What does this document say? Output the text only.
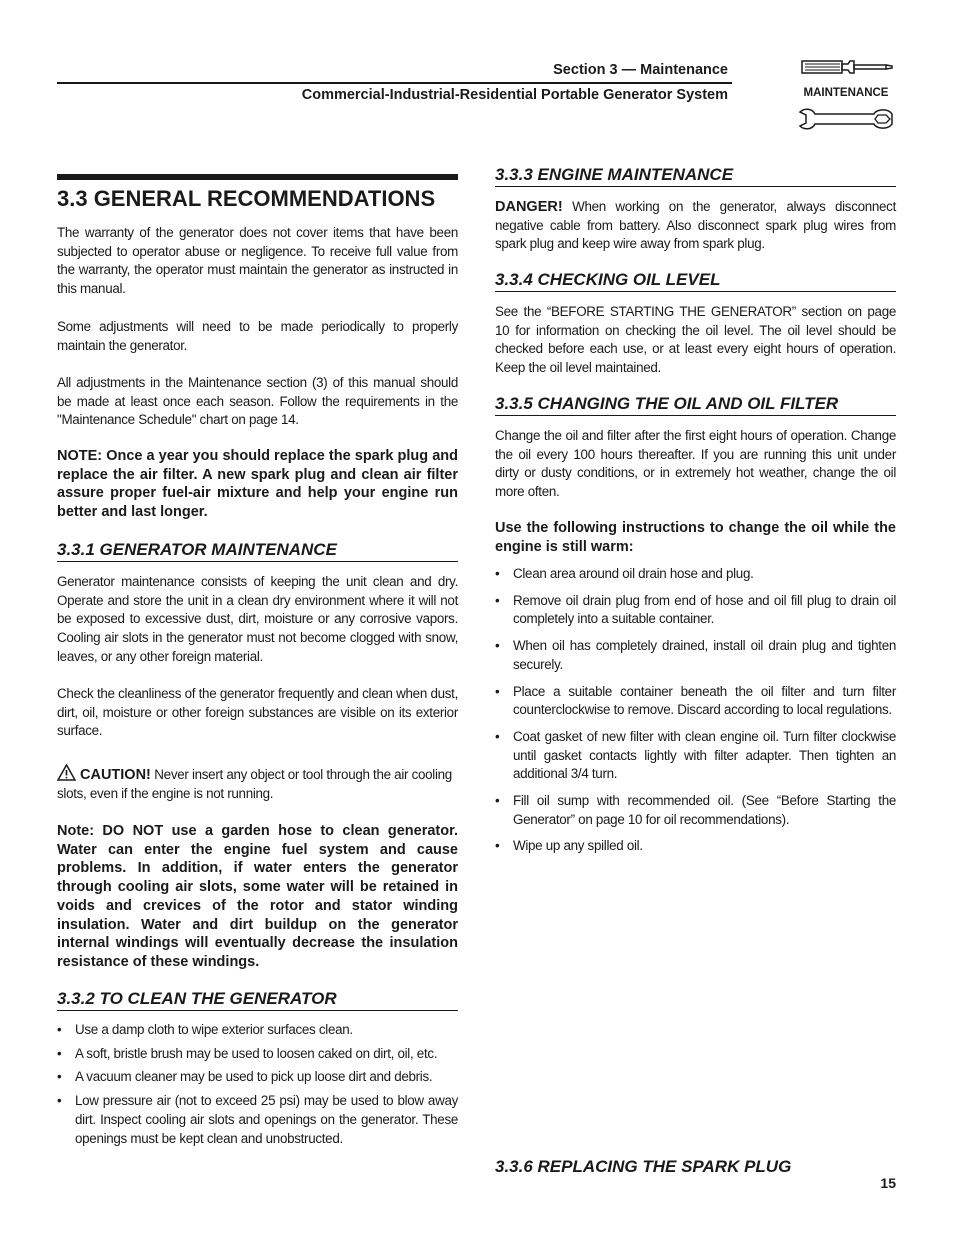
Section 3 — Maintenance
Commercial-Industrial-Residential Portable Generator System	MAINTENANCE
3.3 GENERAL RECOMMENDATIONS

The warranty of the generator does not cover items that have been subjected to operator abuse or negligence. To receive full value from the warranty, the operator must maintain the generator as instructed in this manual.

Some adjustments will need to be made periodically to properly maintain the generator.

All adjustments in the Maintenance section (3) of this manual should be made at least once each season. Follow the requirements in the "Maintenance Schedule" chart on page 14.

NOTE: Once a year you should replace the spark plug and replace the air filter. A new spark plug and clean air filter assure proper fuel-air mixture and help your engine run better and last longer.

3.3.1 GENERATOR MAINTENANCE

Generator maintenance consists of keeping the unit clean and dry. Operate and store the unit in a clean dry environment where it will not be exposed to excessive dust, dirt, moisture or any corrosive vapors. Cooling air slots in the generator must not become clogged with snow, leaves, or any other foreign material.

Check the cleanliness of the generator frequently and clean when dust, dirt, oil, moisture or other foreign substances are visible on its exterior surface.

CAUTION! Never insert any object or tool through the air cooling slots, even if the engine is not running.

Note: DO NOT use a garden hose to clean generator. Water can enter the engine fuel system and cause problems. In addition, if water enters the generator through cooling air slots, some water will be retained in voids and crevices of the rotor and stator winding insulation. Water and dirt buildup on the generator internal windings will eventually decrease the insulation resistance of these windings.

3.3.2 TO CLEAN THE GENERATOR
• Use a damp cloth to wipe exterior surfaces clean.
• A soft, bristle brush may be used to loosen caked on dirt, oil, etc.
• A vacuum cleaner may be used to pick up loose dirt and debris.
• Low pressure air (not to exceed 25 psi) may be used to blow away dirt. Inspect cooling air slots and openings on the generator. These openings must be kept clean and unobstructed.
3.3.3 ENGINE MAINTENANCE

DANGER! When working on the generator, always disconnect negative cable from battery. Also disconnect spark plug wires from spark plug and keep wire away from spark plug.

3.3.4 CHECKING OIL LEVEL

See the “BEFORE STARTING THE GENERATOR” section on page 10 for information on checking the oil level. The oil level should be checked before each use, or at least every eight hours of operation. Keep the oil level maintained.

3.3.5 CHANGING THE OIL AND OIL FILTER

Change the oil and filter after the first eight hours of operation. Change the oil every 100 hours thereafter. If you are running this unit under dirty or dusty conditions, or in extremely hot weather, change the oil more often.

Use the following instructions to change the oil while the engine is still warm:

• Clean area around oil drain hose and plug.
• Remove oil drain plug from end of hose and oil fill plug to drain oil completely into a suitable container.
• When oil has completely drained, install oil drain plug and tighten securely.
• Place a suitable container beneath the oil filter and turn filter counterclockwise to remove. Discard according to local regulations.
• Coat gasket of new filter with clean engine oil. Turn filter clockwise until gasket contacts lightly with filter adapter. Then tighten an additional 3/4 turn.
• Fill oil sump with recommended oil. (See “Before Starting the Generator” on page 10 for oil recommendations).
• Wipe up any spilled oil.
3.3.6 REPLACING THE SPARK PLUG
15
